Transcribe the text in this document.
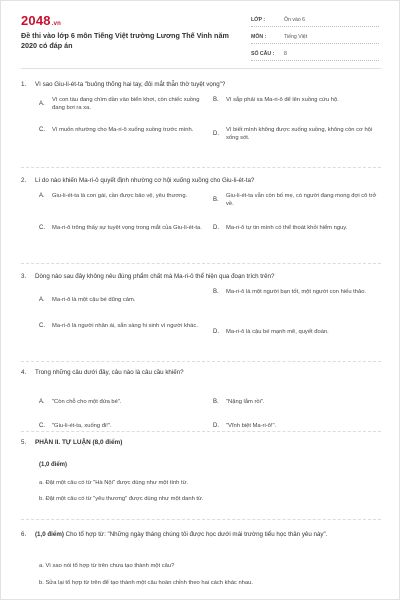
2048.vn
Đề thi vào lớp 6 môn Tiếng Việt trường Lương Thế Vinh năm 2020 có đáp án
LỚP :	Ôn vào 6
MÔN :	Tiếng Việt
SỐ CÂU :	8
1.	Vì sao Giu-li-ét-ta "buông thõng hai tay, đôi mắt thẫn thờ tuyệt vọng"?
A.
Vì con tàu đang chìm dần vào biển khơi, còn chiếc xuồng đang bơi ra xa.
B.	Vì sắp phải xa Ma-ri-ô để lên xuồng cứu hộ.
C.	Vì muốn nhường cho Ma-ri-ô xuống xuồng trước mình.
D.
Vì biết mình không được xuống xuồng, không còn cơ hội sống sót.
2.	Lí do nào khiến Ma-ri-ô quyết định nhường cơ hội xuống xuồng cho Giu-li-ét-ta?
A.	Giu-li-ét-ta là con gái, cần được bảo vệ, yêu thương.
B.
Giu-li-ét-ta vẫn còn bố mẹ, có người đang mong đợi cô trở về.
C.	Ma-ri-ô trông thấy sự tuyệt vọng trong mắt của Giu-li-ét-ta.	D.	Ma-ri-ô tự tin mình có thể thoát khỏi hiểm nguy.
3.	Dòng nào sau đây không nêu đúng phẩm chất mà Ma-ri-ô thể hiện qua đoạn trích trên?
A.	Ma-ri-ô là một cậu bé dũng cảm.
B.	Ma-ri-ô là một người bạn tốt, một người con hiếu thảo.
C.	Ma-ri-ô là người nhân ái, sẵn sàng hi sinh vì người khác.
D.	Ma-ri-ô là cậu bé mạnh mẽ, quyết đoán.
4.	Trong những câu dưới đây, câu nào là câu cầu khiến?
A.	"Còn chỗ cho một đứa bé".	B.	"Nặng lắm rồi".
C.	"Giu-li-ét-ta, xuống đi!".	D.	"Vĩnh biệt Ma-ri-ô!".
5.	PHẦN II. TỰ LUẬN (8,0 điểm)
(1,0 điểm)
a. Đặt một câu có từ "Hà Nội" được dùng như một tính từ.
b. Đặt một câu có từ "yêu thương" được dùng như một danh từ.
6.	(1,0 điểm) Cho tổ hợp từ: "Những ngày tháng chúng tôi được học dưới mái trường tiểu học thân yêu này".
a. Vì sao nói tổ hợp từ trên chưa tạo thành một câu?
b. Sửa lại tổ hợp từ trên để tạo thành một câu hoàn chỉnh theo hai cách khác nhau.
